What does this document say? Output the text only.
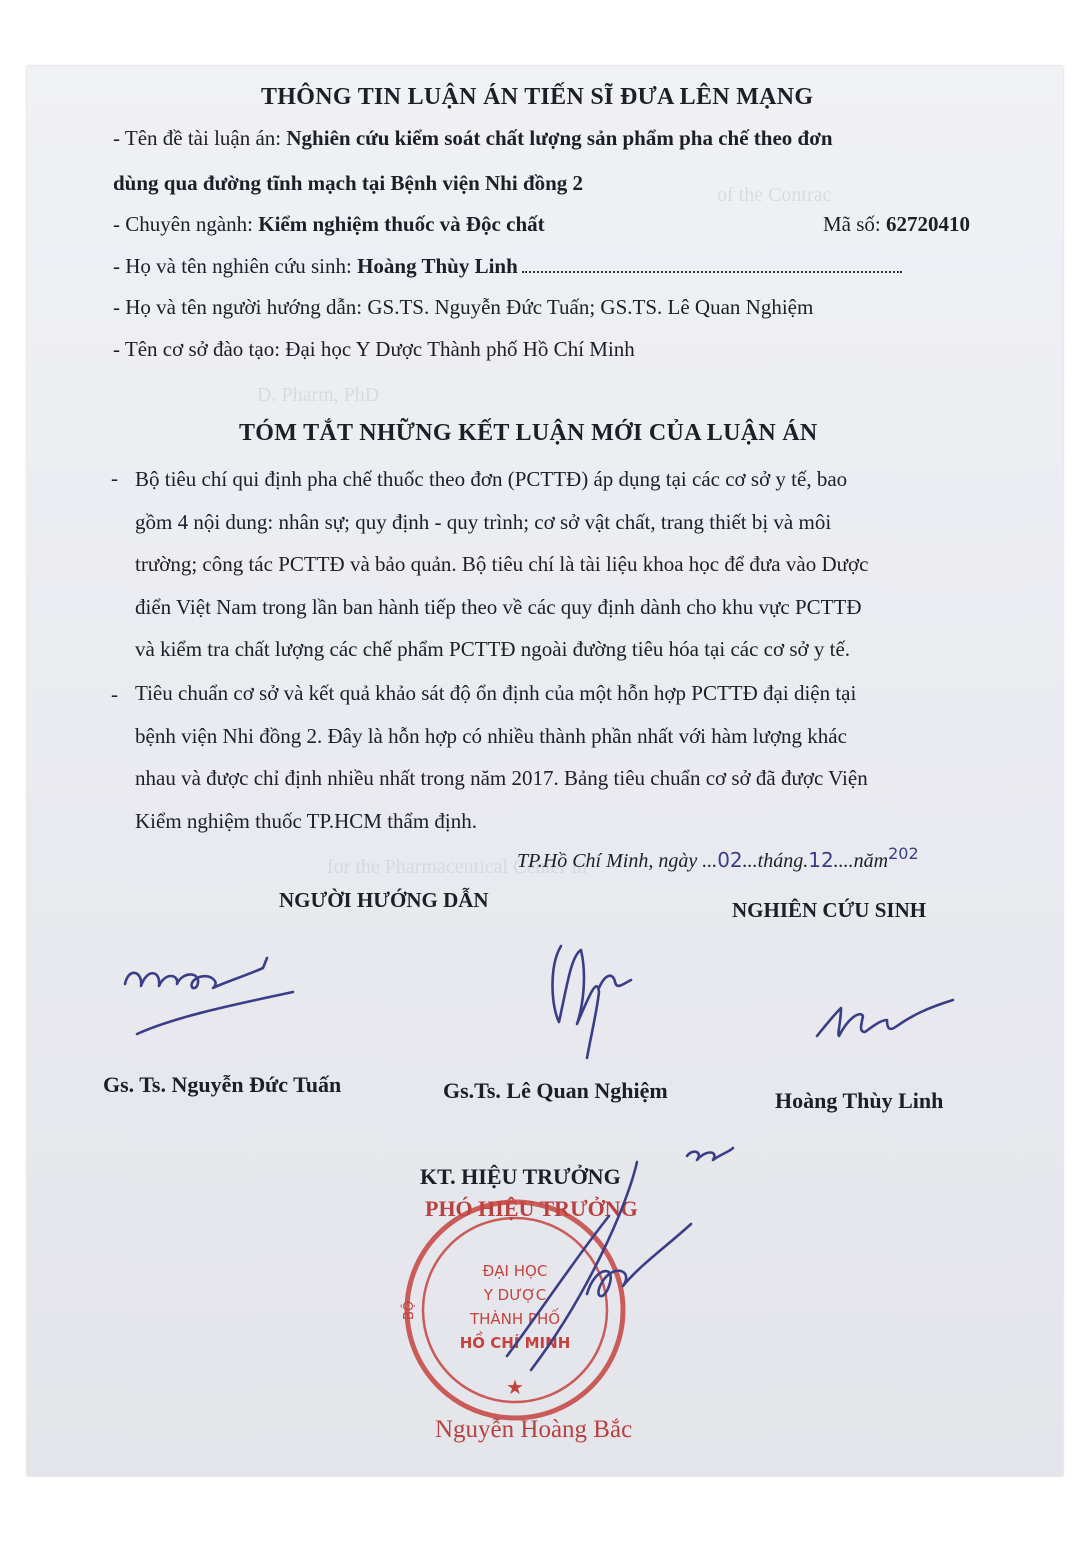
of the Contrac
D. Pharm, PhD
for the Pharmaceutical Center in
THÔNG TIN LUẬN ÁN TIẾN SĨ ĐƯA LÊN MẠNG
- Tên đề tài luận án: Nghiên cứu kiểm soát chất lượng sản phẩm pha chế theo đơn
dùng qua đường tĩnh mạch tại Bệnh viện Nhi đồng 2
- Chuyên ngành: Kiểm nghiệm thuốc và Độc chất	Mã số: 62720410
- Họ và tên nghiên cứu sinh: Hoàng Thùy Linh
- Họ và tên người hướng dẫn: GS.TS. Nguyễn Đức Tuấn; GS.TS. Lê Quan Nghiệm
- Tên cơ sở đào tạo: Đại học Y Dược Thành phố Hồ Chí Minh
TÓM TẮT NHỮNG KẾT LUẬN MỚI CỦA LUẬN ÁN
- Bộ tiêu chí qui định pha chế thuốc theo đơn (PCTTĐ) áp dụng tại các cơ sở y tế, bao
gồm 4 nội dung: nhân sự; quy định - quy trình; cơ sở vật chất, trang thiết bị và môi
trường; công tác PCTTĐ và bảo quản. Bộ tiêu chí là tài liệu khoa học để đưa vào Dược
điển Việt Nam trong lần ban hành tiếp theo về các quy định dành cho khu vực PCTTĐ
và kiểm tra chất lượng các chế phẩm PCTTĐ ngoài đường tiêu hóa tại các cơ sở y tế.
- Tiêu chuẩn cơ sở và kết quả khảo sát độ ổn định của một hỗn hợp PCTTĐ đại diện tại
bệnh viện Nhi đồng 2. Đây là hỗn hợp có nhiều thành phần nhất với hàm lượng khác
nhau và được chỉ định nhiều nhất trong năm 2017. Bảng tiêu chuẩn cơ sở đã được Viện
Kiểm nghiệm thuốc TP.HCM thẩm định.
TP.Hồ Chí Minh, ngày ...02...tháng.12....năm$^{202}$
NGƯỜI HƯỚNG DẪN	NGHIÊN CỨU SINH
Gs. Ts. Nguyễn Đức Tuấn	Gs.Ts. Lê Quan Nghiệm	Hoàng Thùy Linh
KT. HIỆU TRƯỞNG
PHÓ HIỆU TRƯỞNG
BỘ
ĐẠI HỌC
Y DƯỢC
THÀNH PHỐ
HỒ CHÍ MINH
★
Nguyễn Hoàng Bắc
